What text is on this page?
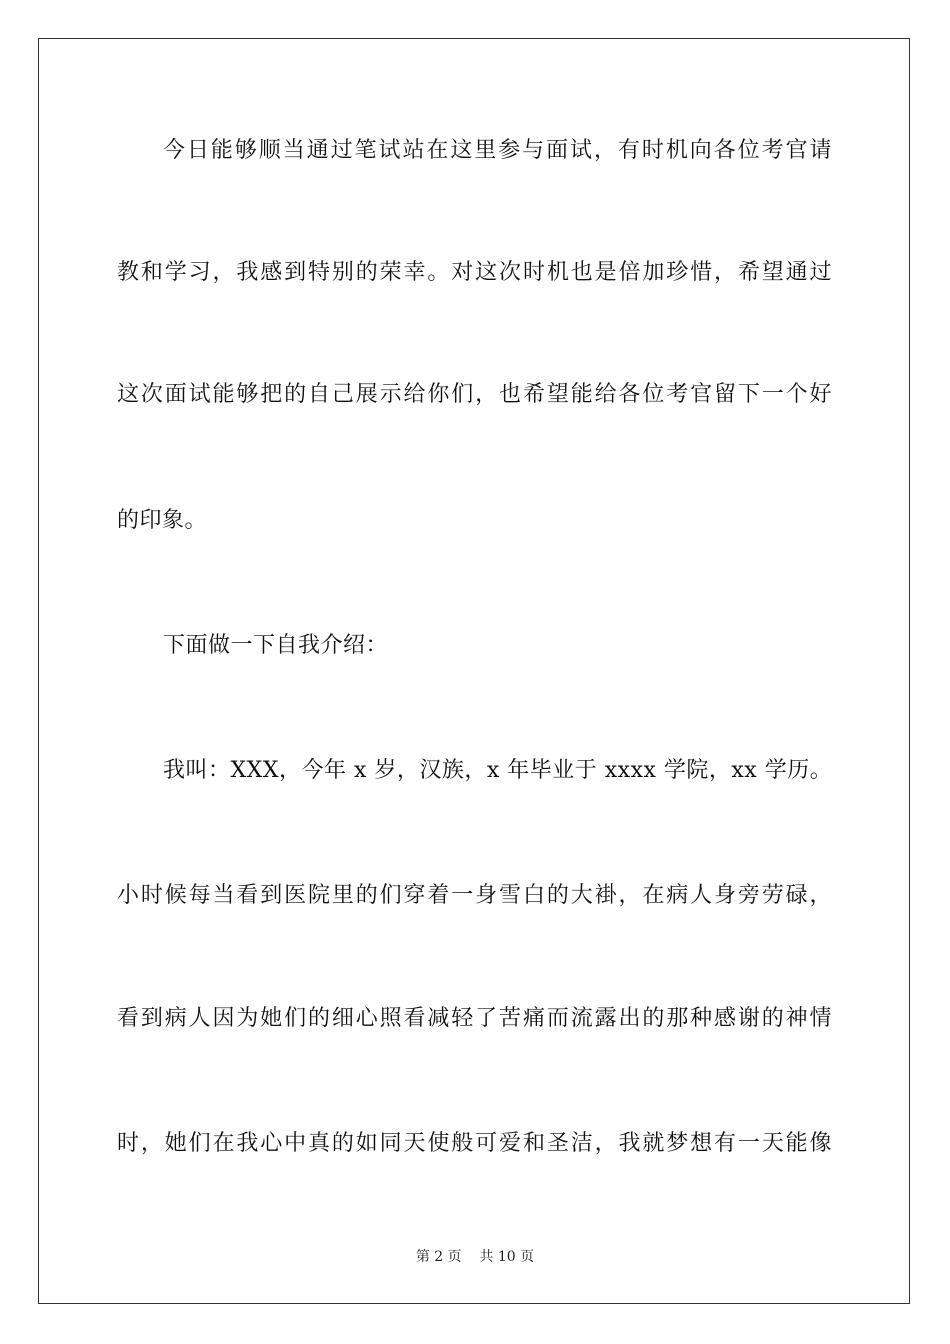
今日能够顺当通过笔试站在这里参与面试，有时机向各位考官请
教和学习，我感到特别的荣幸。对这次时机也是倍加珍惜，希望通过
这次面试能够把的自己展示给你们，也希望能给各位考官留下一个好
的印象。
下面做一下自我介绍：
我叫：XXX，今年 x 岁，汉族，x 年毕业于 xxxx 学院，xx 学历。
小时候每当看到医院里的们穿着一身雪白的大褂，在病人身旁劳碌，
看到病人因为她们的细心照看减轻了苦痛而流露出的那种感谢的神情
时，她们在我心中真的如同天使般可爱和圣洁，我就梦想有一天能像
第 2 页    共 10 页
